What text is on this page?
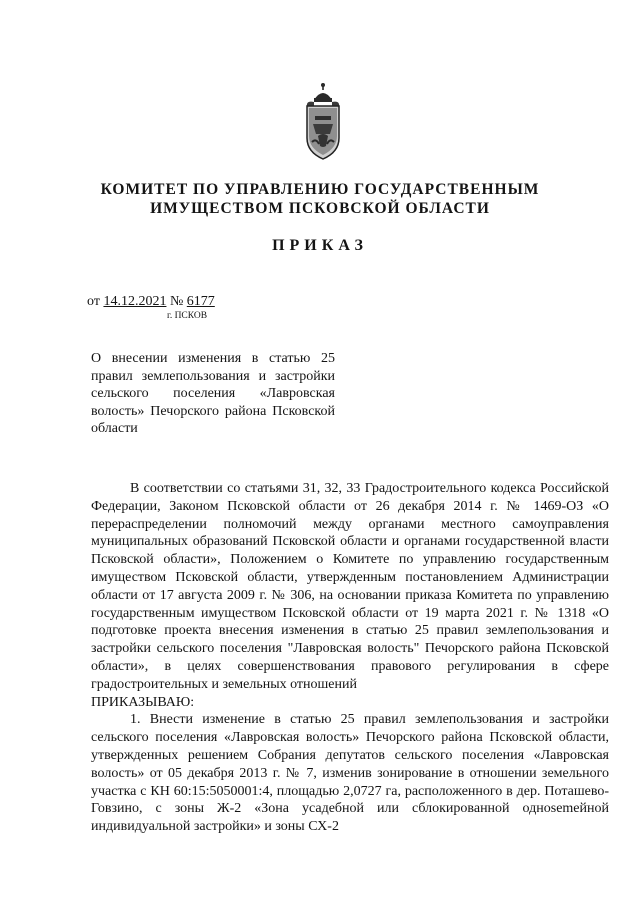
КОМИТЕТ ПО УПРАВЛЕНИЮ ГОСУДАРСТВЕННЫМ
ИМУЩЕСТВОМ ПСКОВСКОЙ ОБЛАСТИ
ПРИКАЗ
от 14.12.2021 № 6177
г. ПСКОВ
О внесении изменения в статью 25 правил землепользования и застройки сельского поселения «Лавровская волость» Печорского района Псковской области

В соответствии со статьями 31, 32, 33 Градостроительного кодекса Российской Федерации, Законом Псковской области от 26 декабря 2014 г. № 1469-ОЗ «О перераспределении полномочий между органами местного самоуправления муниципальных образований Псковской области и органами государственной власти Псковской области», Положением о Комитете по управлению государственным имуществом Псковской области, утвержденным постановлением Администрации области от 17 августа 2009 г. № 306, на основании приказа Комитета по управлению государственным имуществом Псковской области от 19 марта 2021 г. № 1318 «О подготовке проекта внесения изменения в статью 25 правил землепользования и застройки сельского поселения "Лавровская волость" Печорского района Псковской области», в целях совершенствования правового регулирования в сфере градостроительных и земельных отношений

ПРИКАЗЫВАЮ:

1. Внести изменение в статью 25 правил землепользования и застройки сельского поселения «Лавровская волость» Печорского района Псковской области, утвержденных решением Собрания депутатов сельского поселения «Лавровская волость» от 05 декабря 2013 г. № 7, изменив зонирование в отношении земельного участка с КН 60:15:5050001:4, площадью 2,0727 га, расположенного в дер. Поташево-Говзино, с зоны Ж-2 «Зона усадебной или сблокированной одноsemейной индивидуальной застройки» и зоны СХ-2
